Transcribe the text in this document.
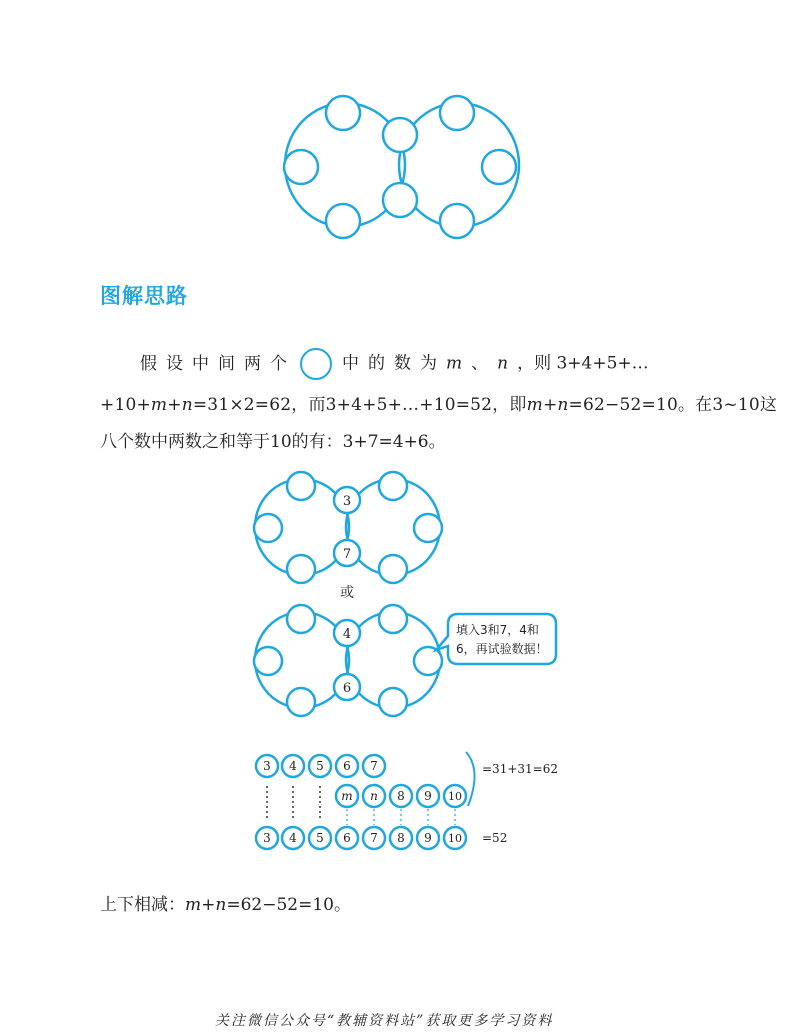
3
7
4
6
或
3 4 5 6 7
m n 8 9 10
3 4 5 6 7 8 9 10
=31+31=62
=52
填入3和7，4和
6，再试验数据！
图解思路
假设中间两个	中的数为m、n，则 3+4+5+…
+10+m+n=31×2=62，而3+4+5+…+10=52，即m+n=62−52=10。在3~10这
八个数中两数之和等于10的有：3+7=4+6。
上下相减：m+n=62−52=10。
关注微信公众号“教辅资料站”获取更多学习资料
